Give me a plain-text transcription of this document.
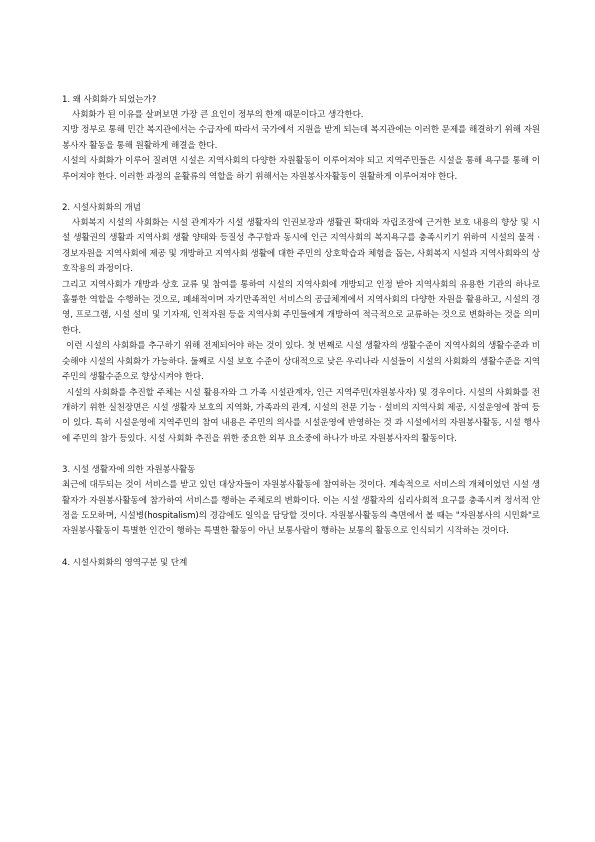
1. 왜 사회화가 되었는가?

사회화가 된 이유를 살펴보면 가장 큰 요인이 정부의 한계 때문이다고 생각한다.

지방 정부로 통해 민간 복지관에서는 수급자에 따라서 국가에서 지원을 받게 되는데 복지관에는 이러한 문제를 해결하기 위해 자원봉사자 활동을 통해 원활하게 해결을 한다.

시설의 사회화가 이루어 질려면 시설은 지역사회의 다양한 자원활동이 이루어져야 되고 지역주민들은 시설을 통해 욕구를 통해 이루어져야 한다. 이러한 과정의 윤활류의 역할을 하기 위해서는 자원봉사자활동이 원활하게 이루어져야 한다.

2. 시설사회화의 개념

사회복지 시설의 사회화는 시설 관계자가 시설 생활자의 인권보장과 생활권 확대와 자립조장에 근거한 보호 내용의 향상 및 시설 생활권의 생활과 지역사회 생활 양태와 등질성 추구함과 동시에 인근 지역사회의 복지욕구를 충족시키기 위하여 시설의 물적 · 경보자원을 지역사회에 제공 및 개방하고 지역사회 생활에 대한 주민의 상호학습과 체험을 돕는, 사회복지 시설과 지역사회와의 상호작용의 과정이다.

그리고 지역사회가 개방과 상호 교류 및 참여를 통하여 시설의 지역사회에 개방되고 인정 받아 지역사회의 유용한 기관의 하나로 훌륭한 역할을 수행하는 것으로, 폐쇄적이며 자기만족적인 서비스의 공급체계에서 지역사회의 다양한 자원을 활용하고, 시설의 경영, 프로그램, 시설 설비 및 기자재, 인적자원 등을 지역사회 주민들에게 개방하여 적극적으로 교류하는 것으로 변화하는 것을 의미한다.

이런 시설의 사회화를 추구하기 위해 전제되어야 하는 것이 있다. 첫 번째로 시설 생활자의 생활수준이 지역사회의 생활수준과 비슷해야 시설의 사회화가 가능하다. 둘째로 시설 보호 수준이 상대적으로 낮은 우리나라 시설들이 시설의 사회화의 생활수준을 지역주민의 생활수준으로 향상시켜야 한다.

시설의 사회화를 추진할 주체는 시설 활용자와 그 가족 시설관계자, 인근 지역주민(자원봉사자) 및 경우이다. 시설의 사회화를 전개하기 위한 실천장면은 시설 생활자 보호의 지역화, 가족과의 관계, 시설의 전문 기능 · 설비의 지역사회 제공, 시설운영에 참여 등이 있다. 특히 시설운영에 지역주민의 참여 내용은 주민의 의사를 시설운영에 반영하는 것 과 시설에서의 자원봉사활동, 시설 행사에 주민의 참가 등있다. 시설 사회화 추진을 위한 중요한 외부 요소중에 하나가 바로 자원봉사자의 활동이다.

3. 시설 생활자에 의한 자원봉사활동

최근에 대두되는 것이 서비스를 받고 있던 대상자들이 자원봉사활동에 참여하는 것이다. 계속적으로 서비스의 개체이었던 시설 생활자가 자원봉사활동에 참가하여 서비스를 행하는 주체로의 변화이다. 이는 시설 생활자의 심리사회적 요구를 충족시켜 정서적 안정을 도모하며, 시설병(hospitalism)의 경감에도 일익을 담당할 것이다. 자원봉사활동의 측면에서 볼 때는 "자원봉사의 시민화"로 자원봉사활동이 특별한 인간이 행하는 특별한 활동이 아닌 보통사람이 행하는 보통의 활동으로 인식되기 시작하는 것이다.

4. 시설사회화의 영역구분 및 단계
